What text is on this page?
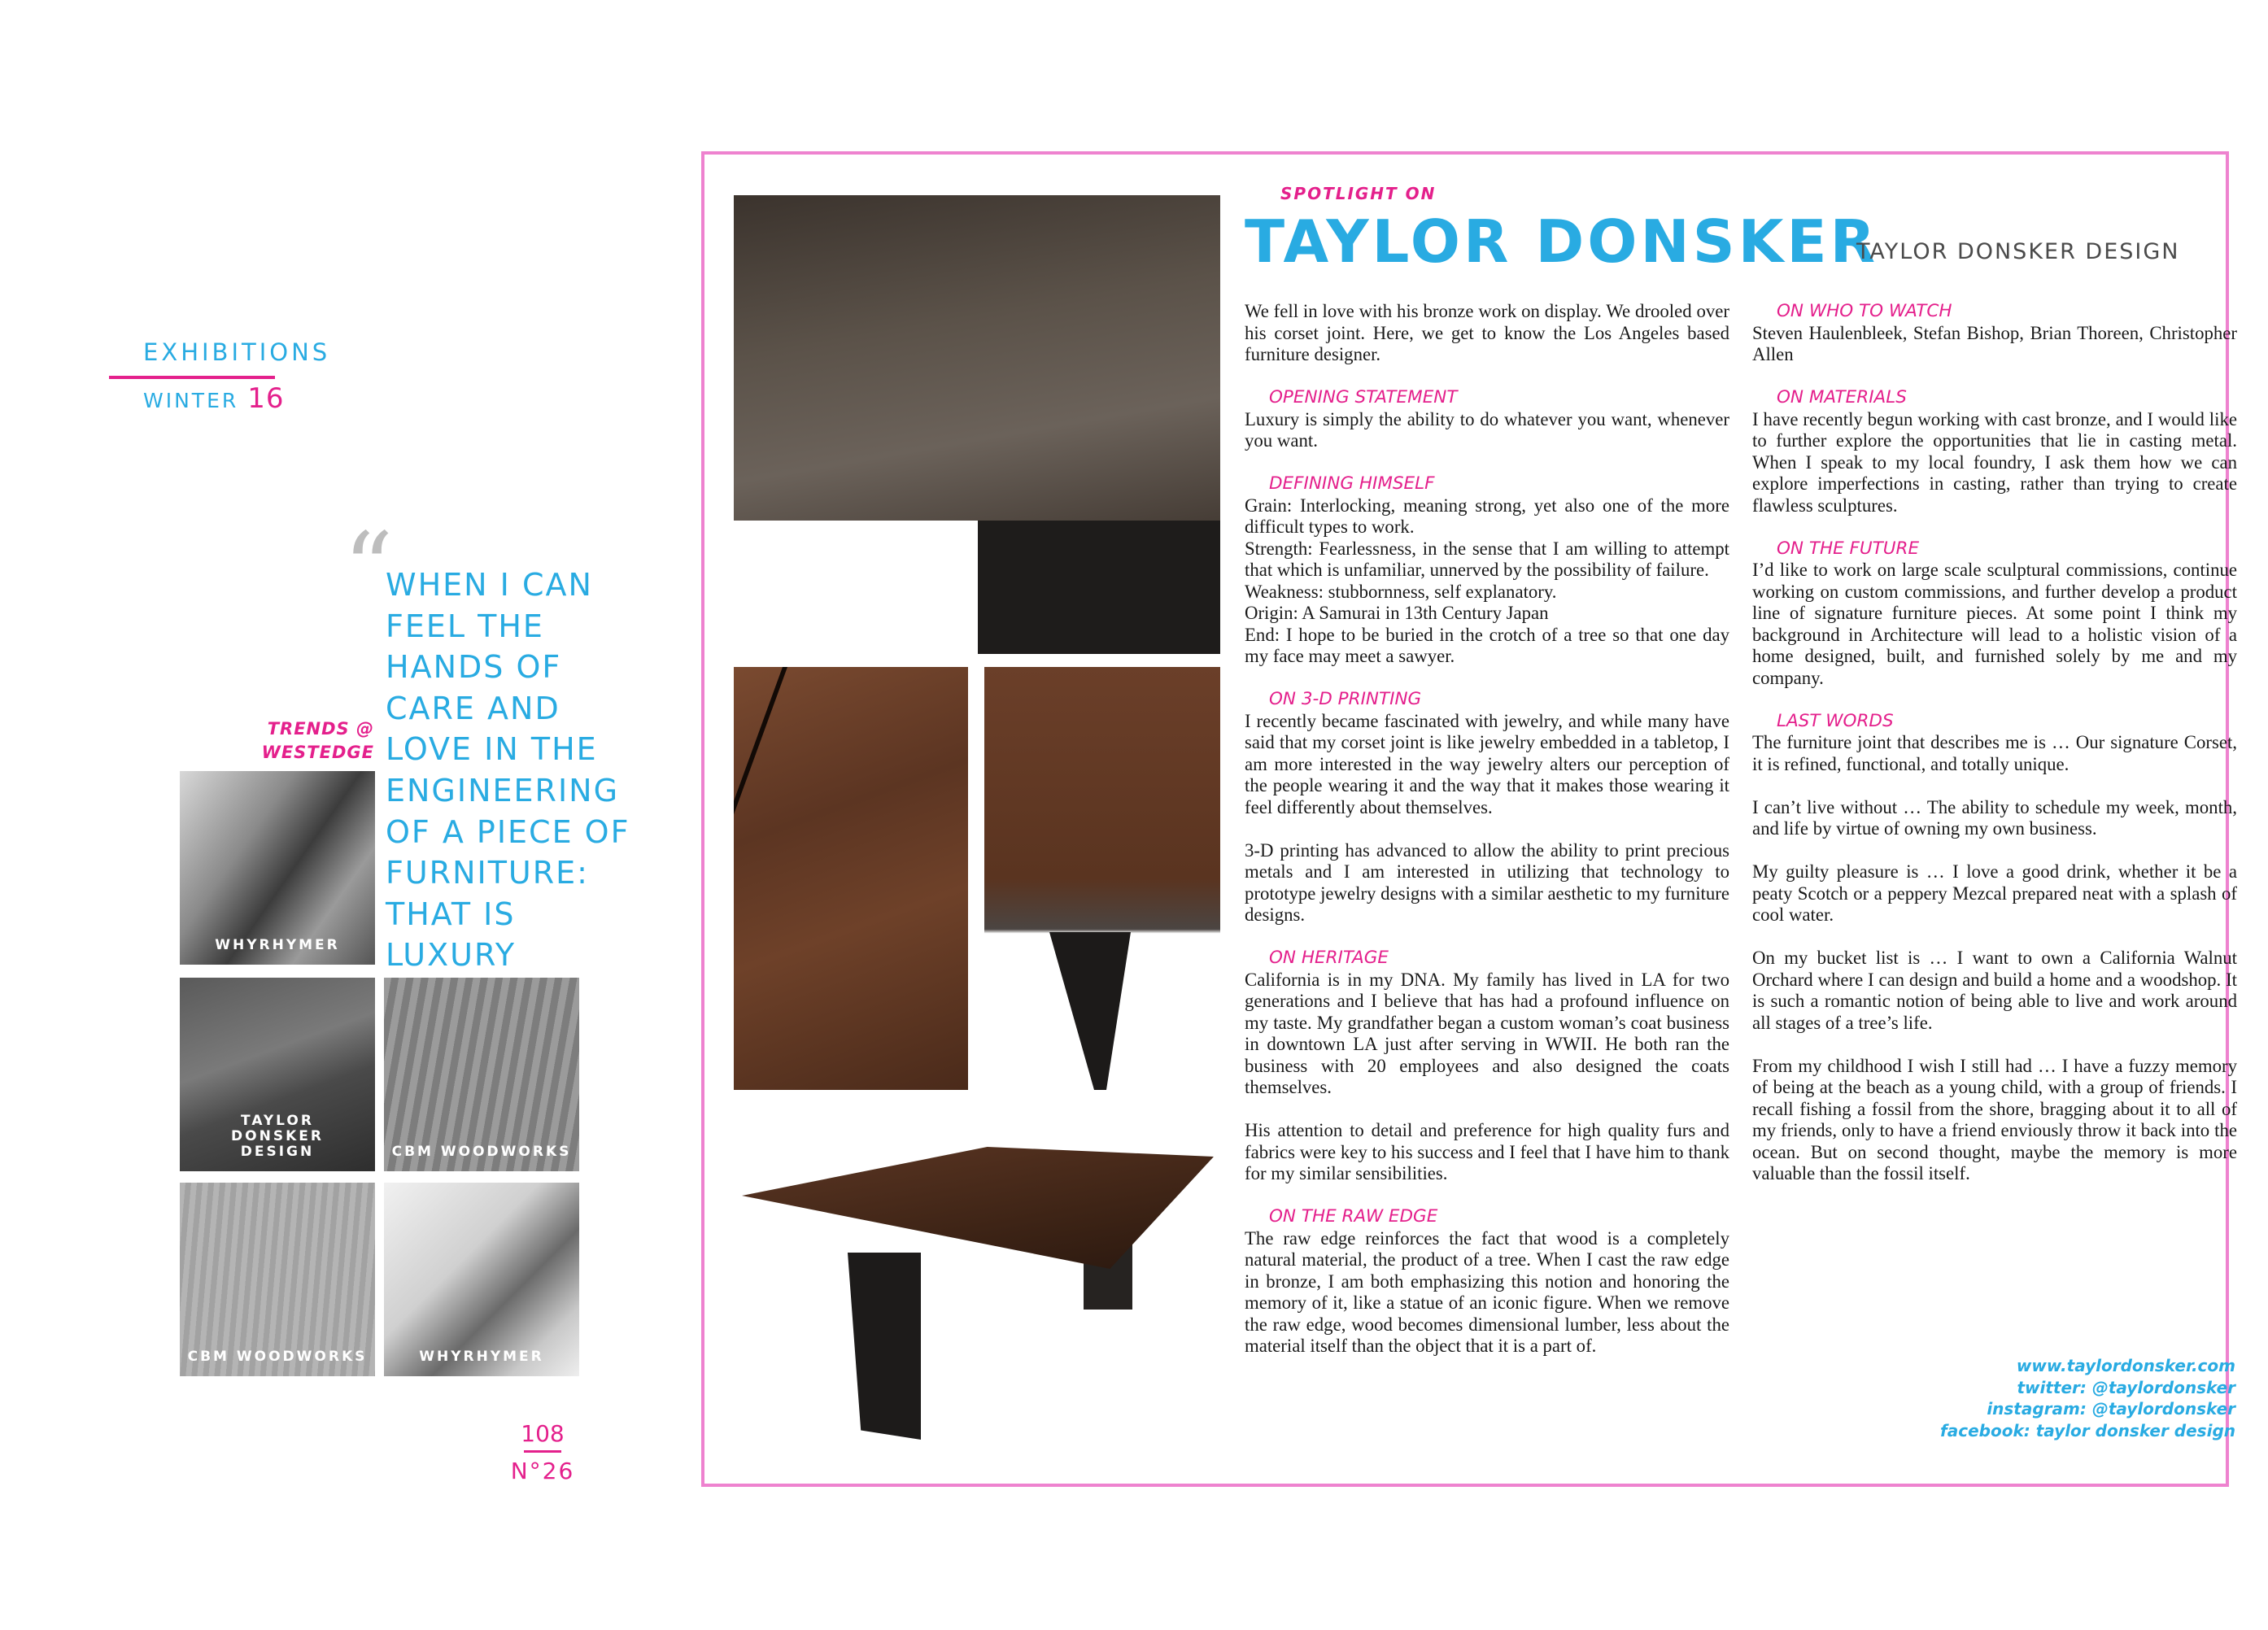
EXHIBITIONS
WINTER 16
“
WHEN I CAN
FEEL THE
HANDS OF
CARE AND
LOVE IN THE
ENGINEERING
OF A PIECE OF
FURNITURE:
THAT IS
LUXURY
TRENDS @
WESTEDGE
WHYRHYMER
TAYLOR DONSKER DESIGN	CBM WOODWORKS
CBM WOODWORKS	WHYRHYMER
108
N°26
SPOTLIGHT ON
TAYLOR DONSKER
TAYLOR DONSKER DESIGN

We fell in love with his bronze work on display. We drooled over his corset joint. Here, we get to know the Los Angeles based furniture designer.

OPENING STATEMENT

Luxury is simply the ability to do whatever you want, whenever you want.

DEFINING HIMSELF

Grain: Interlocking, meaning strong, yet also one of the more difficult types to work.

Strength: Fearlessness, in the sense that I am willing to attempt that which is unfamiliar, unnerved by the possibility of failure.

Weakness: stubbornness, self explanatory.

Origin: A Samurai in 13th Century Japan

End: I hope to be buried in the crotch of a tree so that one day my face may meet a sawyer.

ON 3-D PRINTING

I recently became fascinated with jewelry, and while many have said that my corset joint is like jewelry embedded in a tabletop, I am more interested in the way jewelry alters our perception of the people wearing it and the way that it makes those wearing it feel differently about themselves.

3-D printing has advanced to allow the ability to print precious metals and I am interested in utilizing that technology to prototype jewelry designs with a similar aesthetic to my furniture designs.

ON HERITAGE

California is in my DNA. My family has lived in LA for two generations and I believe that has had a profound influence on my taste. My grandfather began a custom woman’s coat business in downtown LA just after serving in WWII. He both ran the business with 20 employees and also designed the coats themselves.

His attention to detail and preference for high quality furs and fabrics were key to his success and I feel that I have him to thank for my similar sensibilities.

ON THE RAW EDGE

The raw edge reinforces the fact that wood is a completely natural material, the product of a tree. When I cast the raw edge in bronze, I am both emphasizing this notion and honoring the memory of it, like a statue of an iconic figure. When we remove the raw edge, wood becomes dimensional lumber, less about the material itself than the object that it is a part of.

ON WHO TO WATCH

Steven Haulenbleek, Stefan Bishop, Brian Thoreen, Christopher Allen

ON MATERIALS

I have recently begun working with cast bronze, and I would like to further explore the opportunities that lie in casting metal. When I speak to my local foundry, I ask them how we can explore imperfections in casting, rather than trying to create flawless sculptures.

ON THE FUTURE

I’d like to work on large scale sculptural commissions, continue working on custom commissions, and further develop a product line of signature furniture pieces. At some point I think my background in Architecture will lead to a holistic vision of a home designed, built, and furnished solely by me and my company.

LAST WORDS

The furniture joint that describes me is … Our signature Corset, it is refined, functional, and totally unique.

I can’t live without … The ability to schedule my week, month, and life by virtue of owning my own business.

My guilty pleasure is … I love a good drink, whether it be a peaty Scotch or a peppery Mezcal prepared neat with a splash of cool water.

On my bucket list is … I want to own a California Walnut Orchard where I can design and build a home and a woodshop. It is such a romantic notion of being able to live and work around all stages of a tree’s life.

From my childhood I wish I still had … I have a fuzzy memory of being at the beach as a young child, with a group of friends. I recall fishing a fossil from the shore, bragging about it to all of my friends, only to have a friend enviously throw it back into the ocean. But on second thought, maybe the memory is more valuable than the fossil itself.

www.taylordonsker.com
twitter: @taylordonsker
instagram: @taylordonsker
facebook: taylor donsker design
